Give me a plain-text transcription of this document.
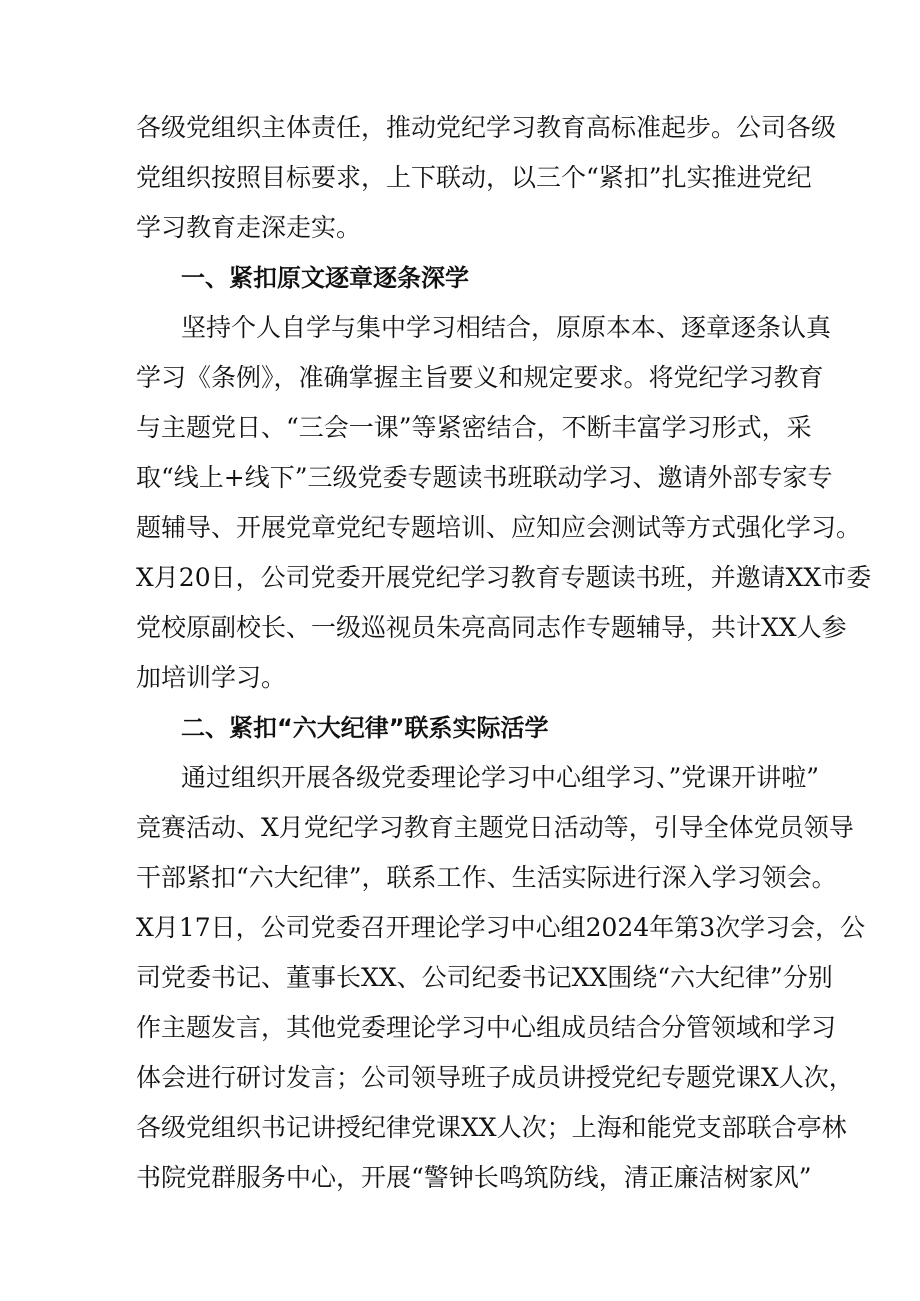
各级党组织主体责任，推动党纪学习教育高标准起步。公司各级
党组织按照目标要求，上下联动，以三个“紧扣”扎实推进党纪
学习教育走深走实。
一、紧扣原文逐章逐条深学
坚持个人自学与集中学习相结合，原原本本、逐章逐条认真
学习《条例》，准确掌握主旨要义和规定要求。将党纪学习教育
与主题党日、“三会一课”等紧密结合，不断丰富学习形式，采
取“线上+线下”三级党委专题读书班联动学习、邀请外部专家专
题辅导、开展党章党纪专题培训、应知应会测试等方式强化学习。
X月20日，公司党委开展党纪学习教育专题读书班，并邀请XX市委
党校原副校长、一级巡视员朱亮高同志作专题辅导，共计XX人参
加培训学习。
二、紧扣“六大纪律”联系实际活学
通过组织开展各级党委理论学习中心组学习、”党课开讲啦”
竞赛活动、X月党纪学习教育主题党日活动等，引导全体党员领导
干部紧扣“六大纪律”，联系工作、生活实际进行深入学习领会。
X月17日，公司党委召开理论学习中心组2024年第3次学习会，公
司党委书记、董事长XX、公司纪委书记XX围绕“六大纪律”分别
作主题发言，其他党委理论学习中心组成员结合分管领域和学习
体会进行研讨发言；公司领导班子成员讲授党纪专题党课X人次，
各级党组织书记讲授纪律党课XX人次；上海和能党支部联合亭林
书院党群服务中心，开展“警钟长鸣筑防线，清正廉洁树家风”
